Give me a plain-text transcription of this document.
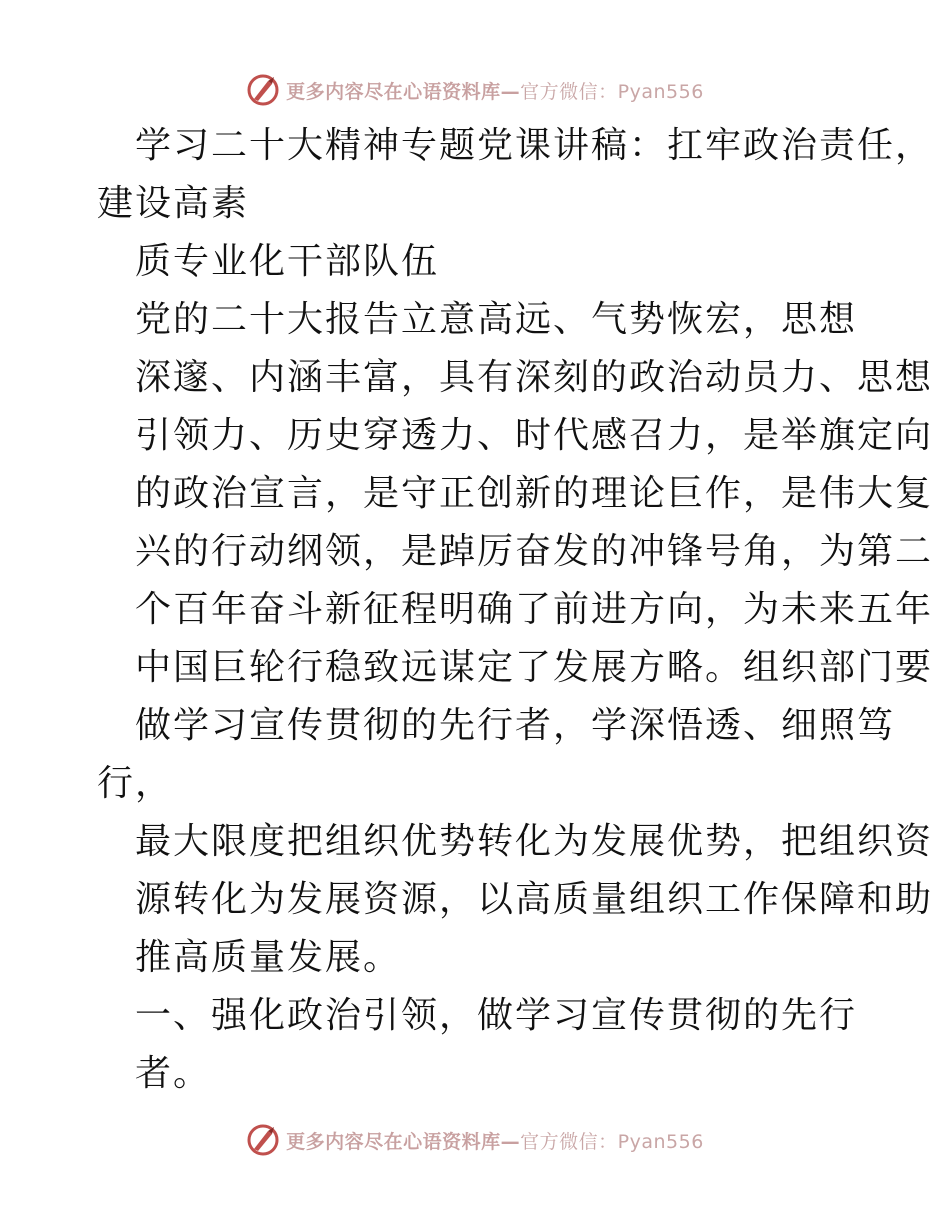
更多内容尽在心语资料库—官方微信：Pyan556
学习二十大精神专题党课讲稿：扛牢政治责任，
建设高素
质专业化干部队伍
党的二十大报告立意高远、气势恢宏，思想
深邃、内涵丰富，具有深刻的政治动员力、思想
引领力、历史穿透力、时代感召力，是举旗定向
的政治宣言，是守正创新的理论巨作，是伟大复
兴的行动纲领，是踔厉奋发的冲锋号角，为第二
个百年奋斗新征程明确了前进方向，为未来五年
中国巨轮行稳致远谋定了发展方略。组织部门要
做学习宣传贯彻的先行者，学深悟透、细照笃
行，
最大限度把组织优势转化为发展优势，把组织资
源转化为发展资源，以高质量组织工作保障和助
推高质量发展。
一、强化政治引领，做学习宣传贯彻的先行
者。
更多内容尽在心语资料库—官方微信：Pyan556
